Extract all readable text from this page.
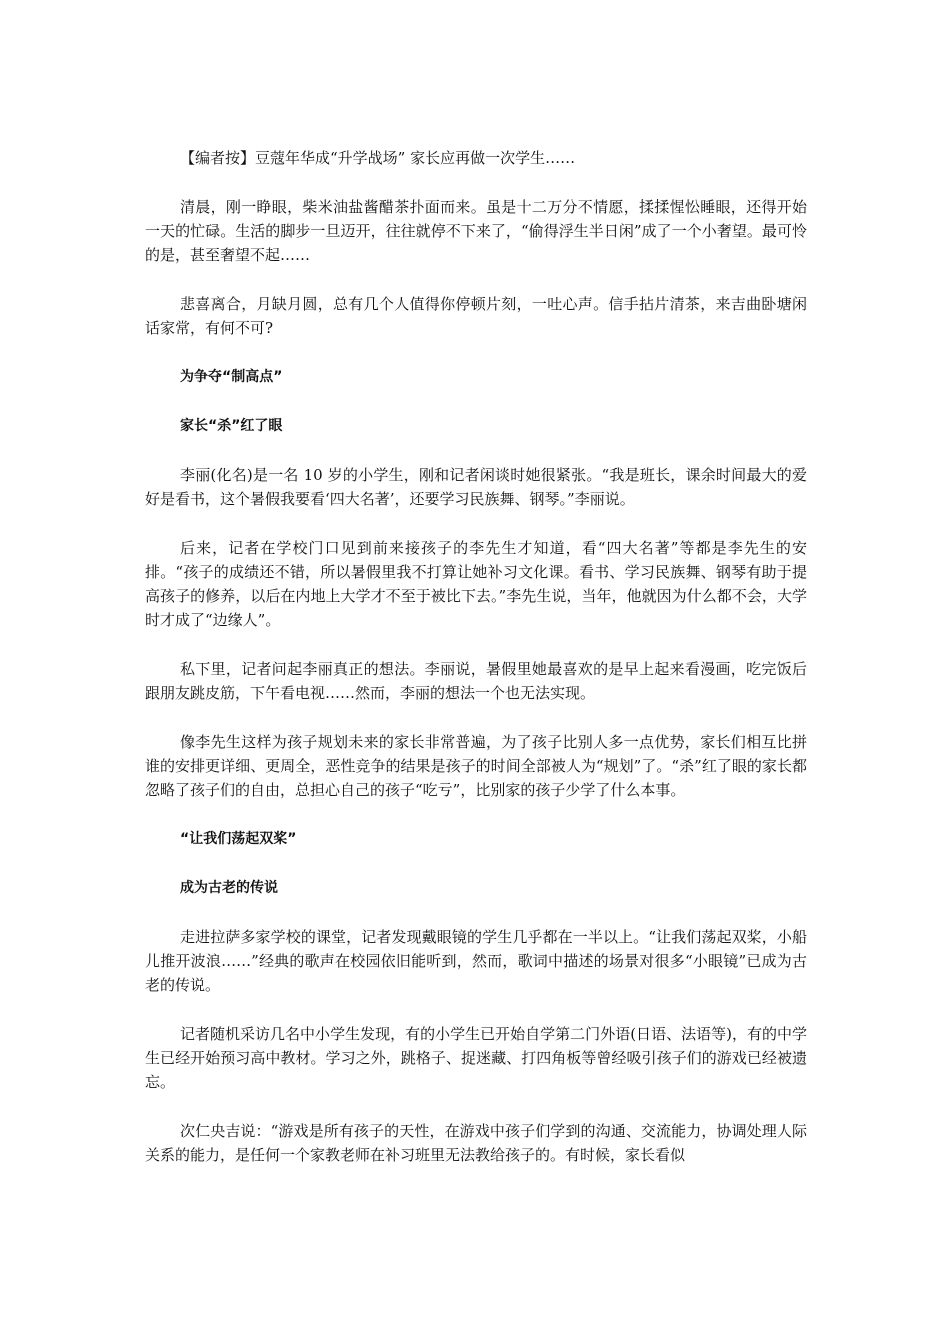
【编者按】豆蔻年华成“升学战场” 家长应再做一次学生……

清晨，刚一睁眼，柴米油盐酱醋茶扑面而来。虽是十二万分不情愿，揉揉惺忪睡眼，还得开始一天的忙碌。生活的脚步一旦迈开，往往就停不下来了，“偷得浮生半日闲”成了一个小奢望。最可怜的是，甚至奢望不起……

悲喜离合，月缺月圆，总有几个人值得你停顿片刻，一吐心声。信手拈片清茶，来吉曲卧塘闲话家常，有何不可?

为争夺“制高点”

家长“杀”红了眼

李丽(化名)是一名 10 岁的小学生，刚和记者闲谈时她很紧张。“我是班长，课余时间最大的爱好是看书，这个暑假我要看‘四大名著’，还要学习民族舞、钢琴。”李丽说。

后来，记者在学校门口见到前来接孩子的李先生才知道，看“四大名著”等都是李先生的安排。“孩子的成绩还不错，所以暑假里我不打算让她补习文化课。看书、学习民族舞、钢琴有助于提高孩子的修养，以后在内地上大学才不至于被比下去。”李先生说，当年，他就因为什么都不会，大学时才成了“边缘人”。

私下里，记者问起李丽真正的想法。李丽说，暑假里她最喜欢的是早上起来看漫画，吃完饭后跟朋友跳皮筋，下午看电视……然而，李丽的想法一个也无法实现。

像李先生这样为孩子规划未来的家长非常普遍，为了孩子比别人多一点优势，家长们相互比拼谁的安排更详细、更周全，恶性竞争的结果是孩子的时间全部被人为“规划”了。“杀”红了眼的家长都忽略了孩子们的自由，总担心自己的孩子“吃亏”，比别家的孩子少学了什么本事。

“让我们荡起双桨”

成为古老的传说

走进拉萨多家学校的课堂，记者发现戴眼镜的学生几乎都在一半以上。“让我们荡起双桨，小船儿推开波浪……”经典的歌声在校园依旧能听到，然而，歌词中描述的场景对很多“小眼镜”已成为古老的传说。

记者随机采访几名中小学生发现，有的小学生已开始自学第二门外语(日语、法语等)，有的中学生已经开始预习高中教材。学习之外，跳格子、捉迷藏、打四角板等曾经吸引孩子们的游戏已经被遗忘。

次仁央吉说：“游戏是所有孩子的天性，在游戏中孩子们学到的沟通、交流能力，协调处理人际关系的能力，是任何一个家教老师在补习班里无法教给孩子的。有时候，家长看似
